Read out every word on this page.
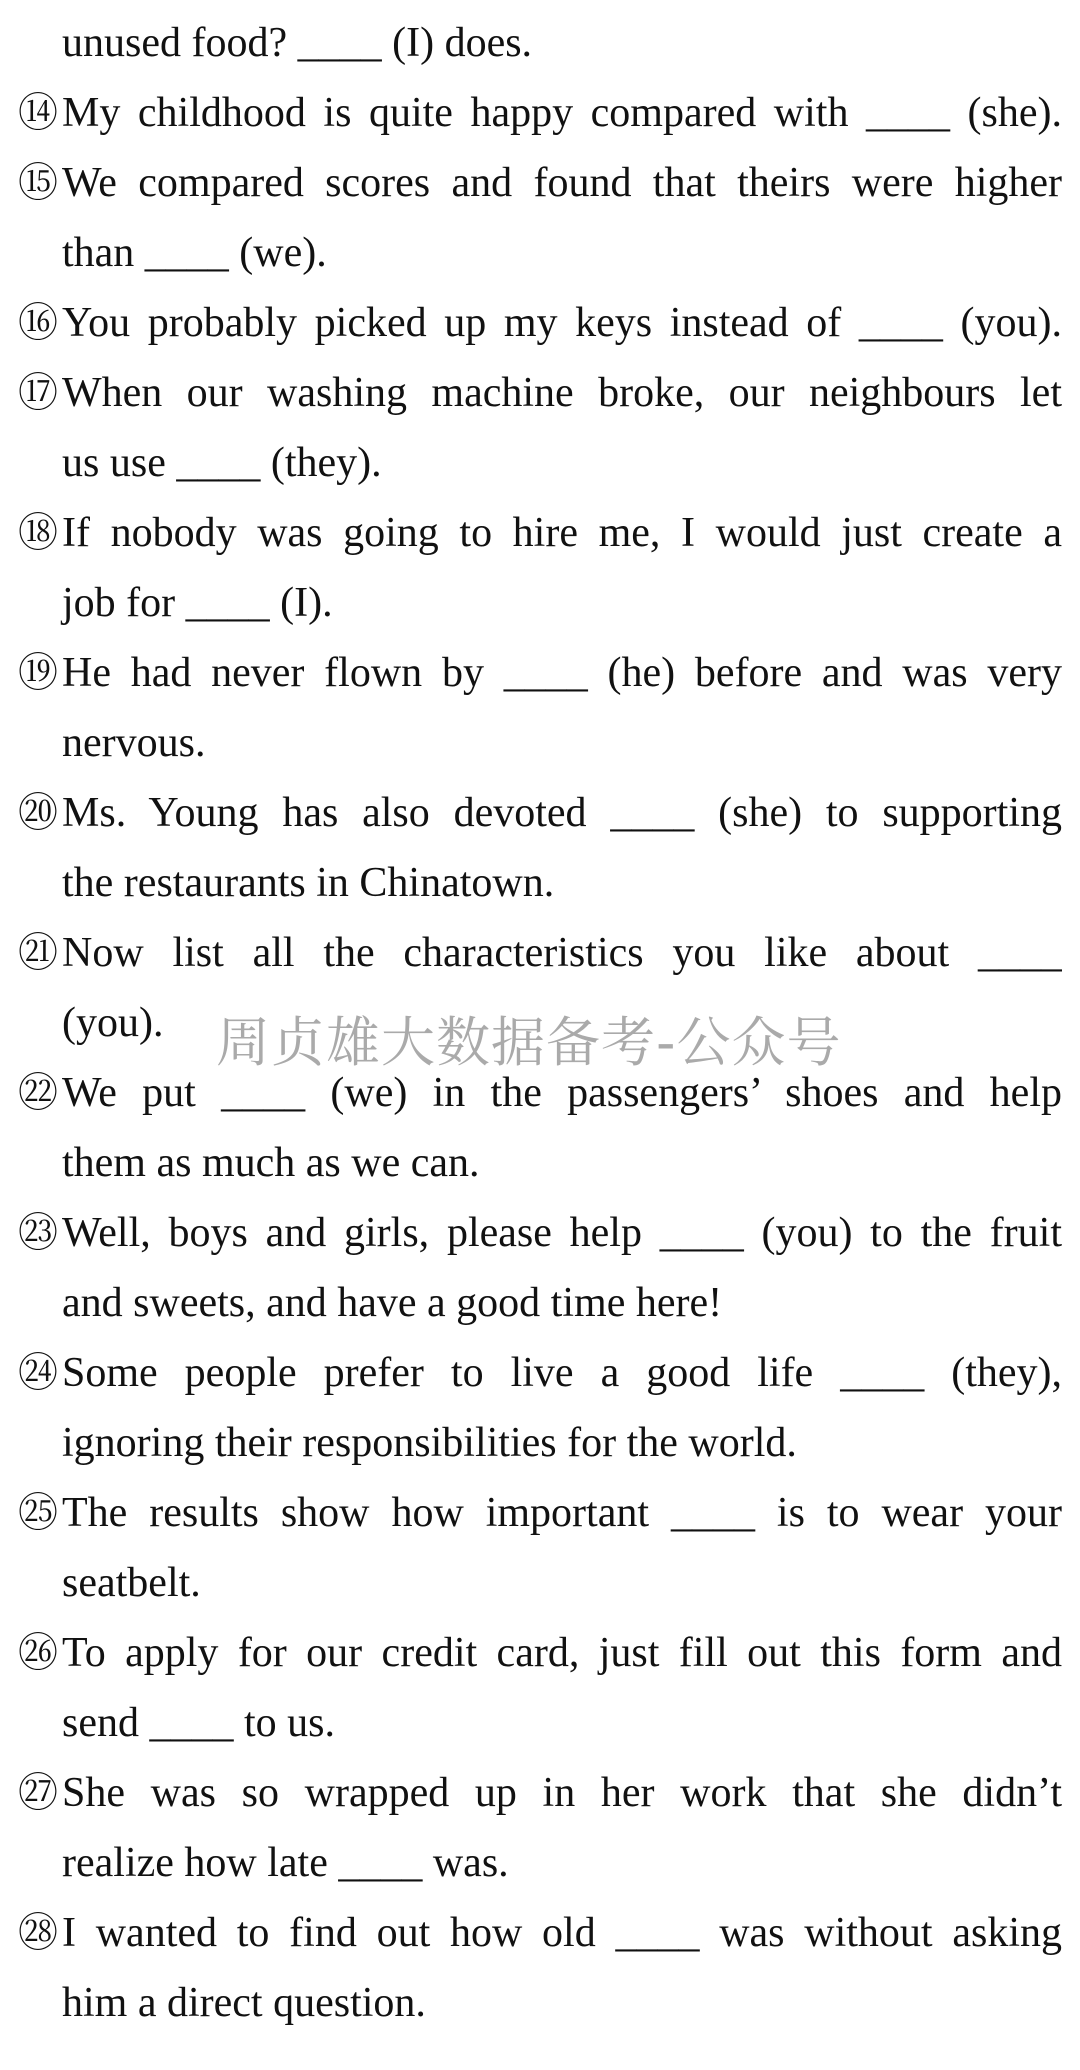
unused food? ____ (I) does.
⑭ My childhood is quite happy compared with ____ (she).
⑮ We compared scores and found that theirs were higher
than ____ (we).
⑯ You probably picked up my keys instead of ____ (you).
⑰ When our washing machine broke, our neighbours let
us use ____ (they).
⑱ If nobody was going to hire me, I would just create a
job for ____ (I).
⑲ He had never flown by ____ (he) before and was very
nervous.
⑳ Ms. Young has also devoted ____ (she) to supporting
the restaurants in Chinatown.
㉑ Now list all the characteristics you like about ____
(you).
㉒ We put ____ (we) in the passengers’ shoes and help
them as much as we can.
㉓ Well, boys and girls, please help ____ (you) to the fruit
and sweets, and have a good time here!
㉔ Some people prefer to live a good life ____ (they),
ignoring their responsibilities for the world.
㉕ The results show how important ____ is to wear your
seatbelt.
㉖ To apply for our credit card, just fill out this form and
send ____ to us.
㉗ She was so wrapped up in her work that she didn’t
realize how late ____ was.
㉘ I wanted to find out how old ____ was without asking
him a direct question.
周贞雄大数据备考-公众号
